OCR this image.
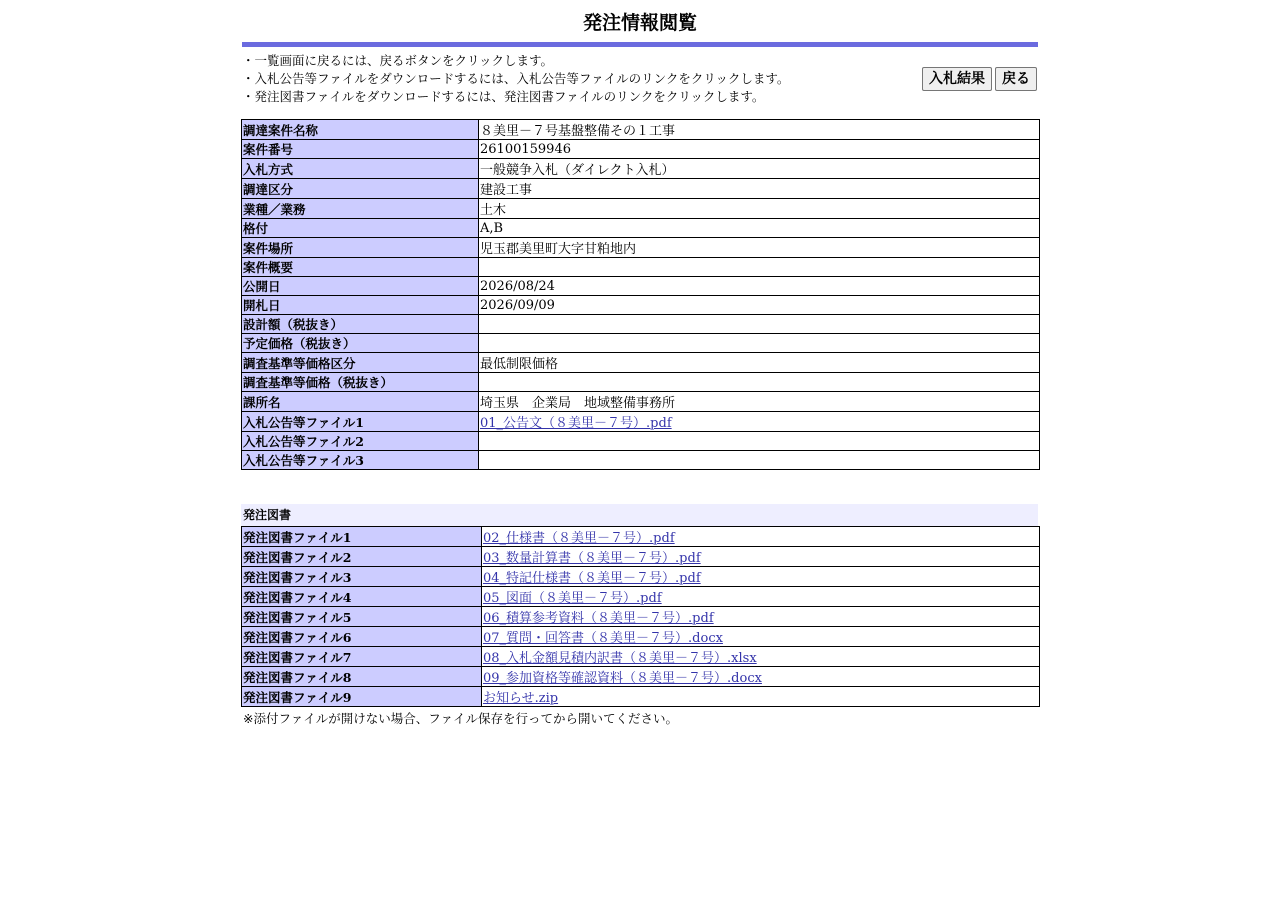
発注情報閲覧
・一覧画面に戻るには、戻るボタンをクリックします。
・入札公告等ファイルをダウンロードするには、入札公告等ファイルのリンクをクリックします。
・発注図書ファイルをダウンロードするには、発注図書ファイルのリンクをクリックします。
入札結果	戻る
調達案件名称	８美里－７号基盤整備その１工事
案件番号	26100159946
入札方式	一般競争入札（ダイレクト入札）
調達区分	建設工事
業種／業務	土木
格付	A,B
案件場所	児玉郡美里町大字甘粕地内
案件概要	
公開日	2026/08/24
開札日	2026/09/09
設計額（税抜き）	
予定価格（税抜き）	
調査基準等価格区分	最低制限価格
調査基準等価格（税抜き）	
課所名	埼玉県　企業局　地域整備事務所
入札公告等ファイル1	01_公告文（８美里－７号）.pdf
入札公告等ファイル2	
入札公告等ファイル3	
発注図書
発注図書ファイル1	02_仕様書（８美里－７号）.pdf
発注図書ファイル2	03_数量計算書（８美里－７号）.pdf
発注図書ファイル3	04_特記仕様書（８美里－７号）.pdf
発注図書ファイル4	05_図面（８美里－７号）.pdf
発注図書ファイル5	06_積算参考資料（８美里－７号）.pdf
発注図書ファイル6	07_質問・回答書（８美里－７号）.docx
発注図書ファイル7	08_入札金額見積内訳書（８美里－７号）.xlsx
発注図書ファイル8	09_参加資格等確認資料（８美里－７号）.docx
発注図書ファイル9	お知らせ.zip
※添付ファイルが開けない場合、ファイル保存を行ってから開いてください。
